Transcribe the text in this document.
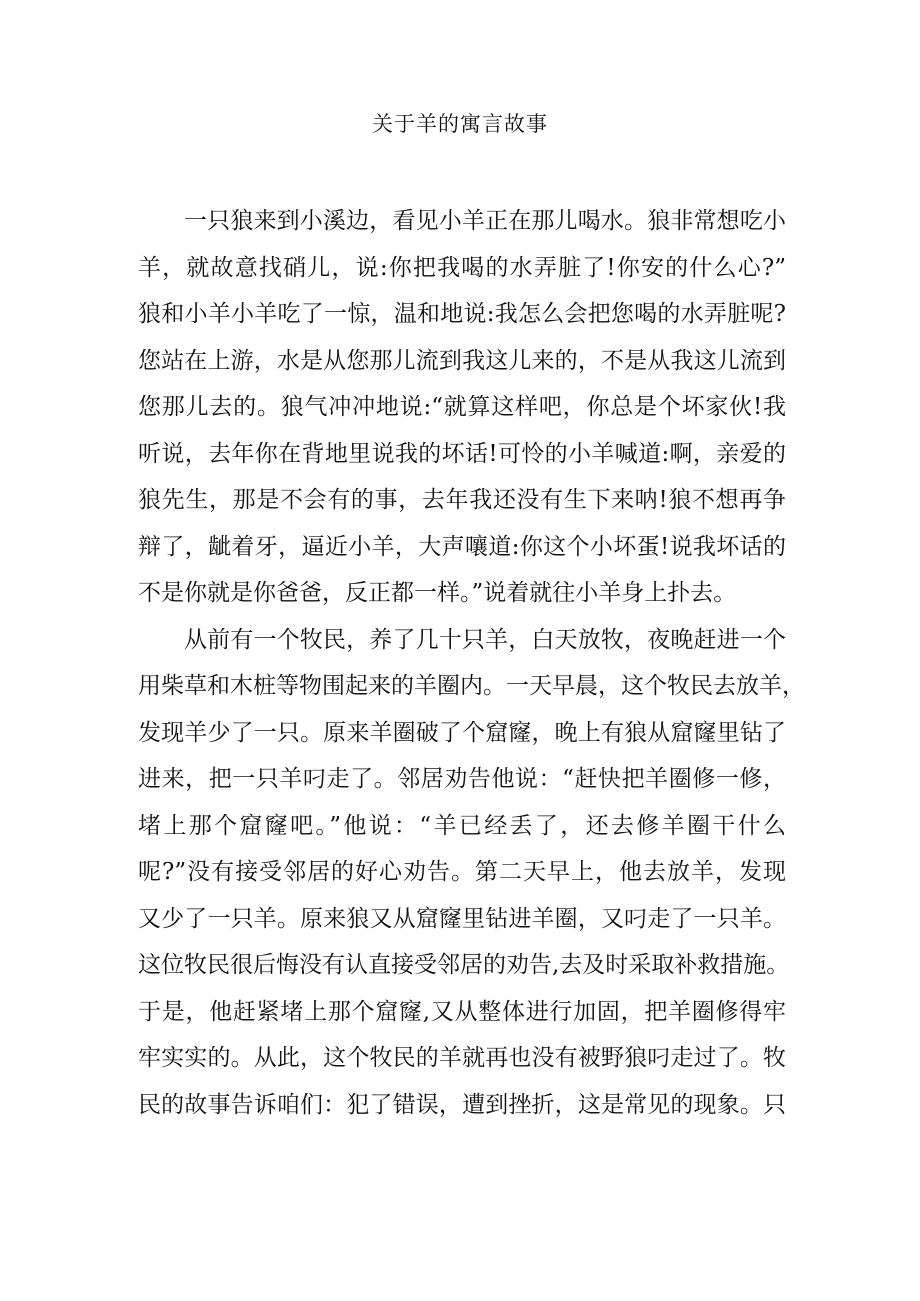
关于羊的寓言故事
一只狼来到小溪边，看见小羊正在那儿喝水。狼非常想吃小
羊，就故意找硝儿，说:你把我喝的水弄脏了!你安的什么心?”
狼和小羊小羊吃了一惊，温和地说:我怎么会把您喝的水弄脏呢?
您站在上游，水是从您那儿流到我这儿来的，不是从我这儿流到
您那儿去的。狼气冲冲地说:“就算这样吧，你总是个坏家伙!我
听说，去年你在背地里说我的坏话!可怜的小羊喊道:啊，亲爱的
狼先生，那是不会有的事，去年我还没有生下来呐!狼不想再争
辩了，龇着牙，逼近小羊，大声嚷道:你这个小坏蛋!说我坏话的
不是你就是你爸爸，反正都一样。”说着就往小羊身上扑去。
从前有一个牧民，养了几十只羊，白天放牧，夜晚赶进一个
用柴草和木桩等物围起来的羊圈内。一天早晨，这个牧民去放羊，
发现羊少了一只。原来羊圈破了个窟窿，晚上有狼从窟窿里钻了
进来，把一只羊叼走了。邻居劝告他说：“赶快把羊圈修一修，
堵上那个窟窿吧。”他说：“羊已经丢了，还去修羊圈干什么
呢?”没有接受邻居的好心劝告。第二天早上，他去放羊，发现
又少了一只羊。原来狼又从窟窿里钻进羊圈，又叼走了一只羊。
这位牧民很后悔没有认直接受邻居的劝告,去及时采取补救措施。
于是，他赶紧堵上那个窟窿,又从整体进行加固，把羊圈修得牢
牢实实的。从此，这个牧民的羊就再也没有被野狼叼走过了。牧
民的故事告诉咱们：犯了错误，遭到挫折，这是常见的现象。只
